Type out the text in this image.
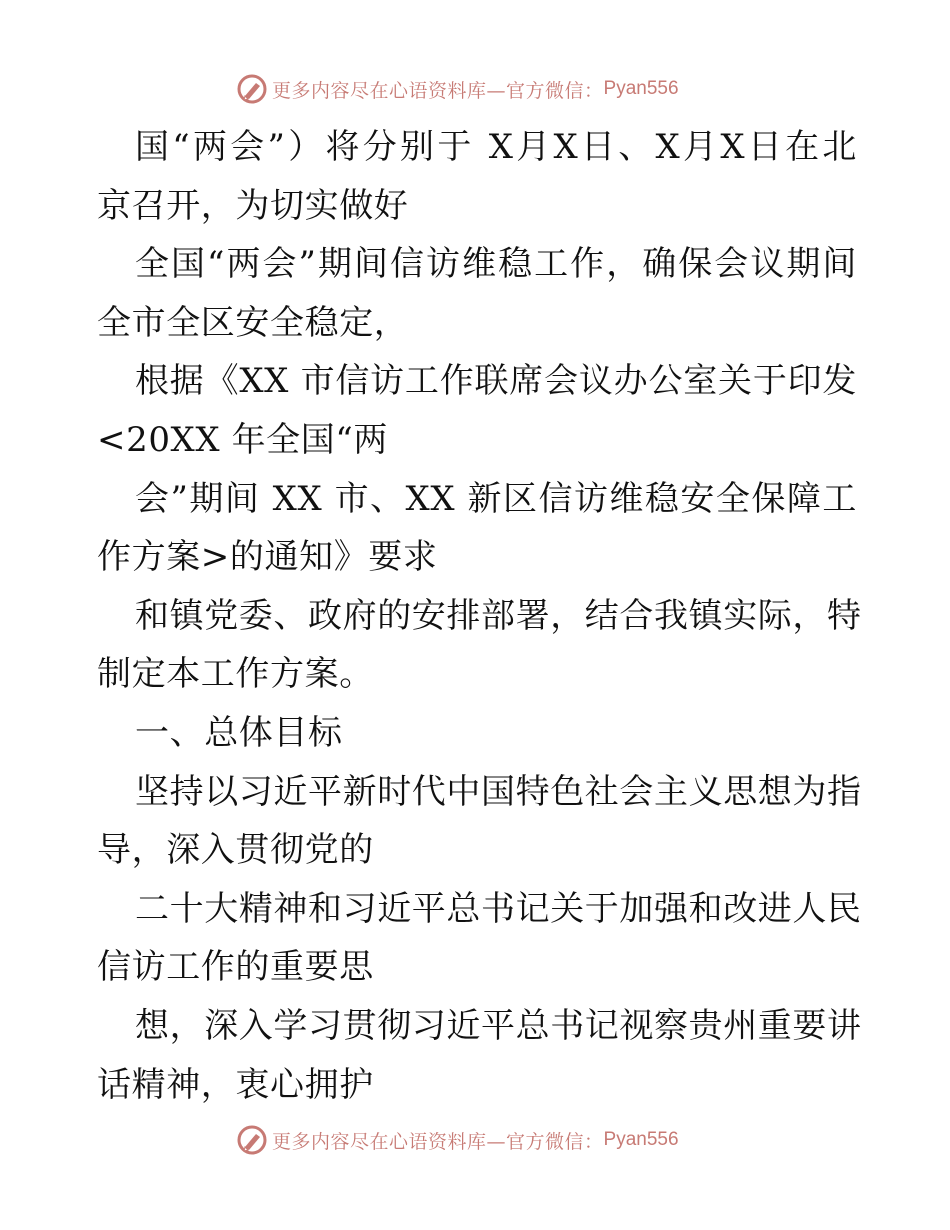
更多内容尽在心语资料库—官方微信： Pyan556
国“两会”）将分别于 X月X日、X月X日在北
京召开，为切实做好
全国“两会”期间信访维稳工作，确保会议期间
全市全区安全稳定，
根据《XX 市信访工作联席会议办公室关于印发
<20XX 年全国“两
会”期间 XX 市、XX 新区信访维稳安全保障工
作方案>的通知》要求
和镇党委、政府的安排部署，结合我镇实际，特
制定本工作方案。
一、总体目标
坚持以习近平新时代中国特色社会主义思想为指
导，深入贯彻党的
二十大精神和习近平总书记关于加强和改进人民
信访工作的重要思
想，深入学习贯彻习近平总书记视察贵州重要讲
话精神，衷心拥护
更多内容尽在心语资料库—官方微信： Pyan556
